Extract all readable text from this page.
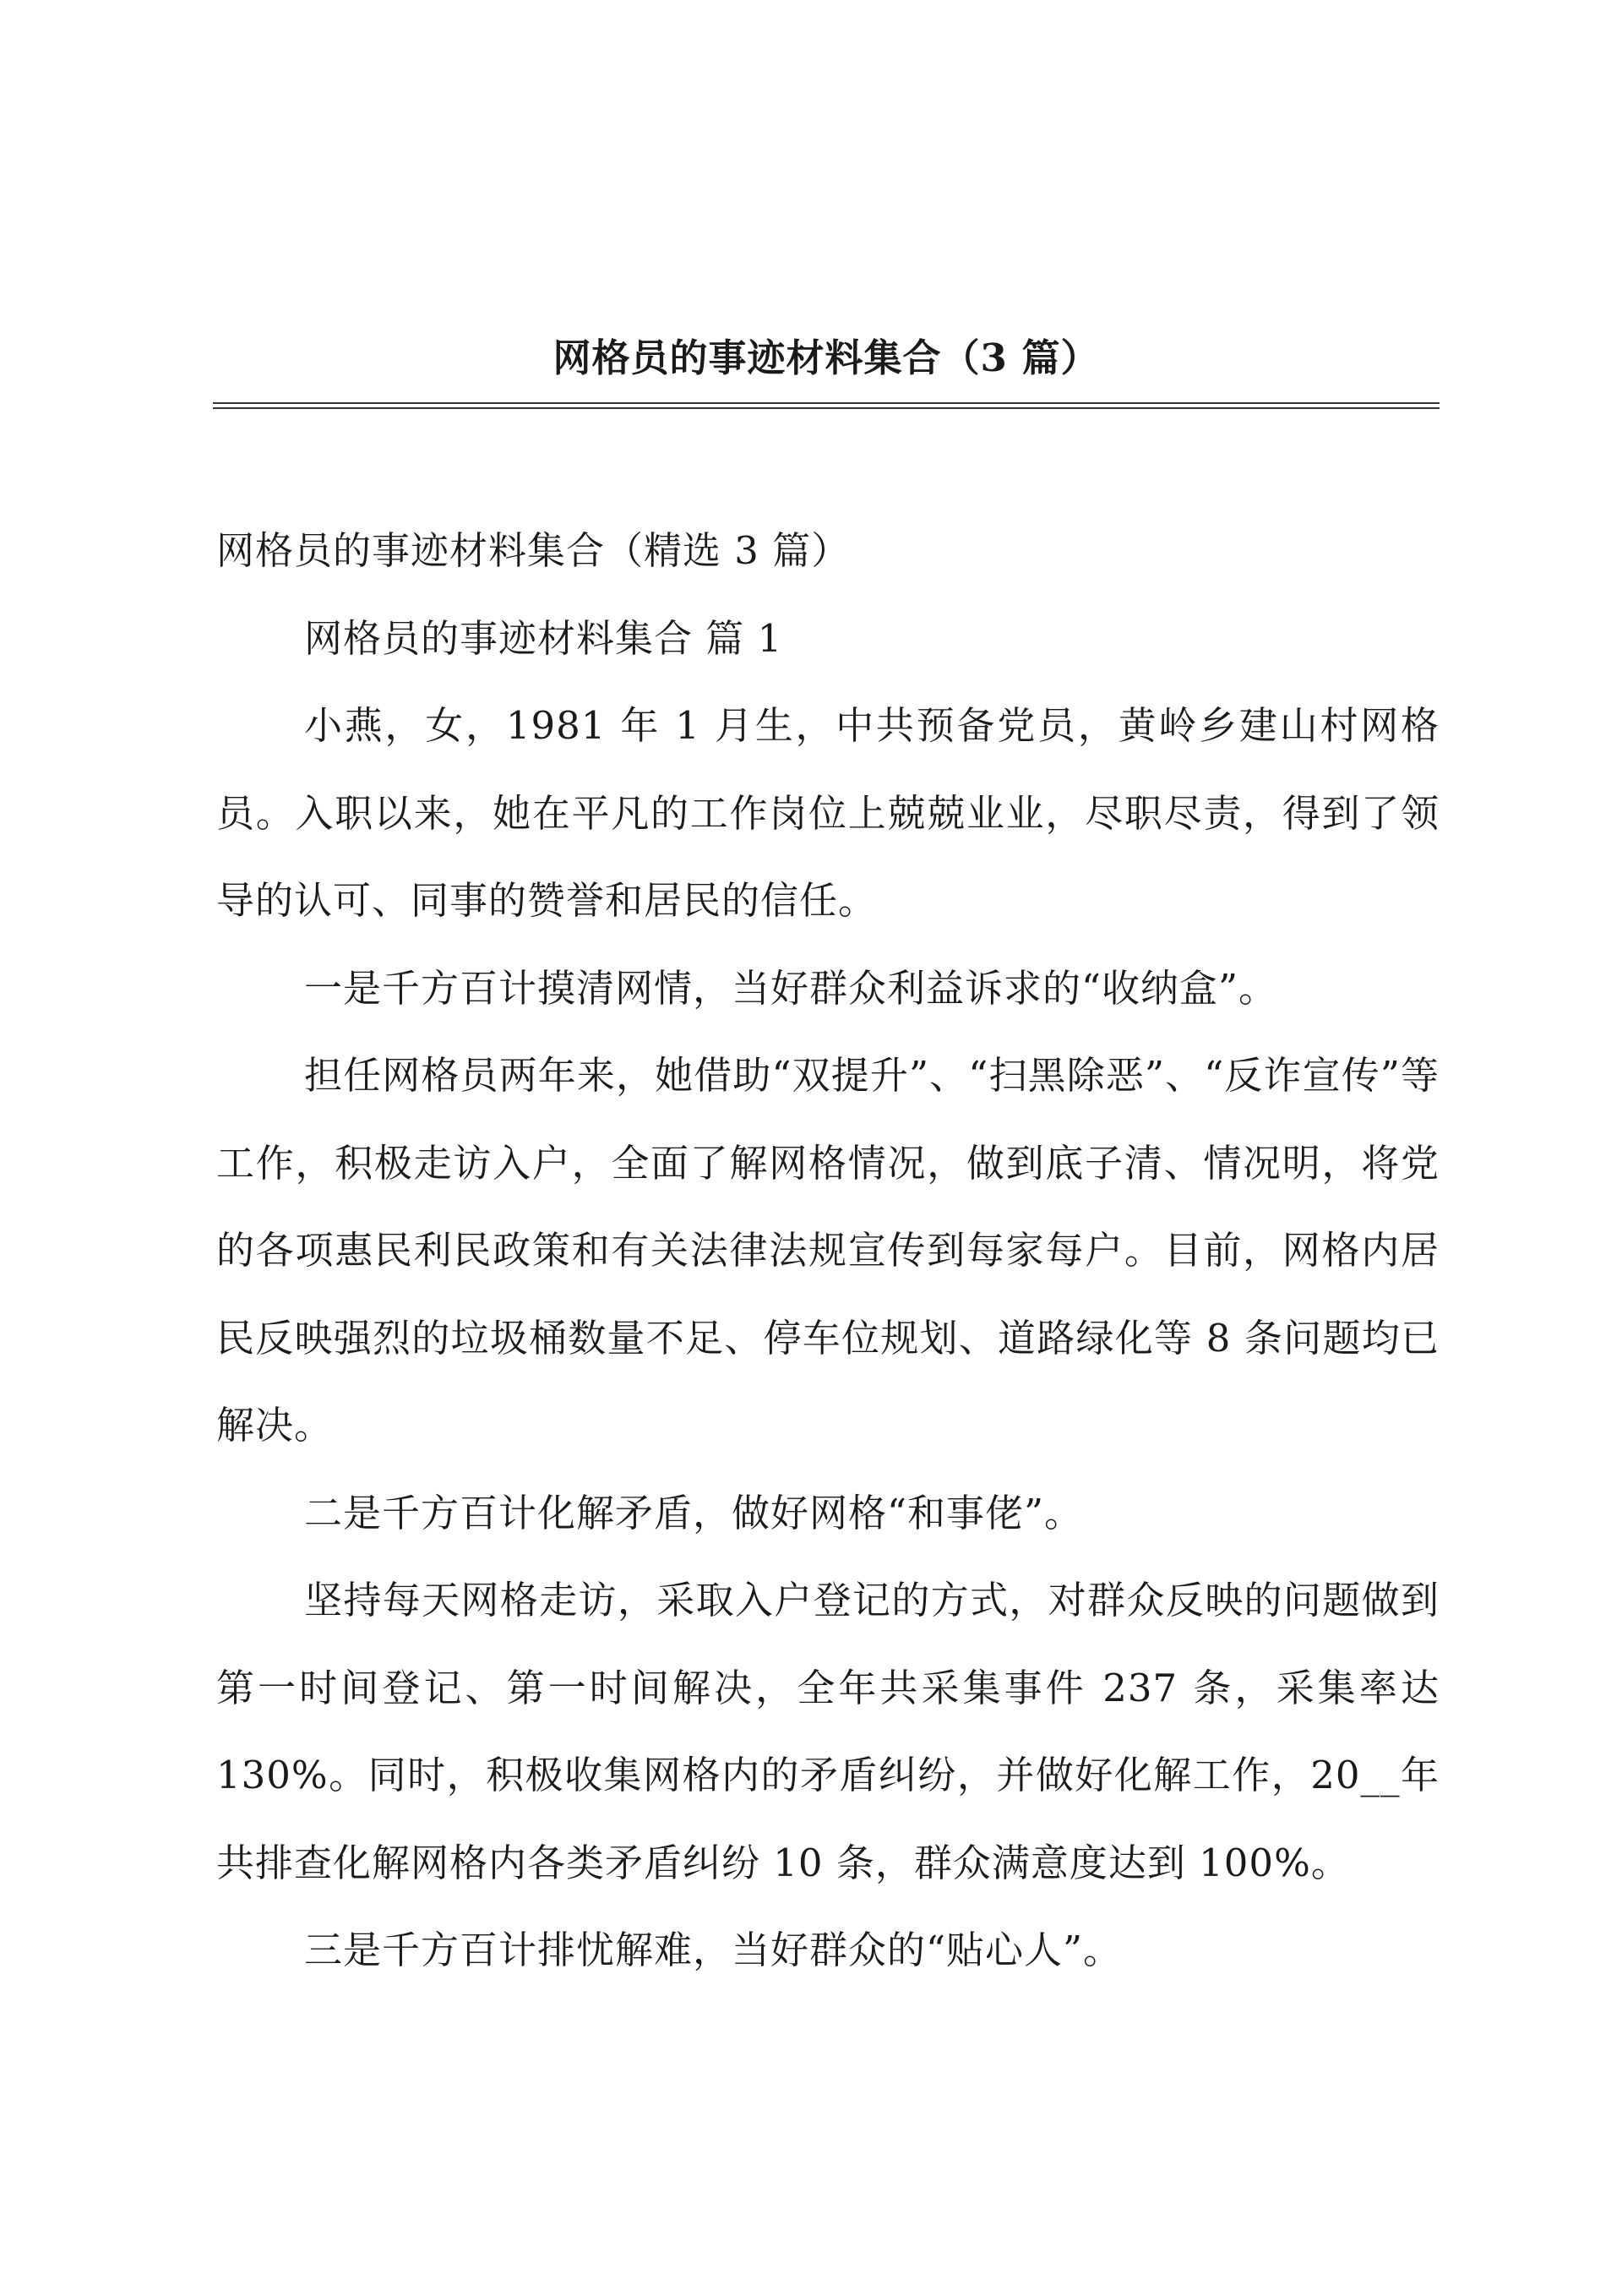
网格员的事迹材料集合（3 篇）

网格员的事迹材料集合（精选 3 篇）

网格员的事迹材料集合 篇 1

小燕，女，1981 年 1 月生，中共预备党员，黄岭乡建山村网格员。入职以来，她在平凡的工作岗位上兢兢业业，尽职尽责，得到了领导的认可、同事的赞誉和居民的信任。

一是千方百计摸清网情，当好群众利益诉求的“收纳盒”。

担任网格员两年来，她借助“双提升”、“扫黑除恶”、“反诈宣传”等工作，积极走访入户，全面了解网格情况，做到底子清、情况明，将党的各项惠民利民政策和有关法律法规宣传到每家每户。目前，网格内居民反映强烈的垃圾桶数量不足、停车位规划、道路绿化等 8 条问题均已解决。

二是千方百计化解矛盾，做好网格“和事佬”。

坚持每天网格走访，采取入户登记的方式，对群众反映的问题做到第一时间登记、第一时间解决，全年共采集事件 237 条，采集率达 130%。同时，积极收集网格内的矛盾纠纷，并做好化解工作，20__年共排查化解网格内各类矛盾纠纷 10 条，群众满意度达到 100%。

三是千方百计排忧解难，当好群众的“贴心人”。
